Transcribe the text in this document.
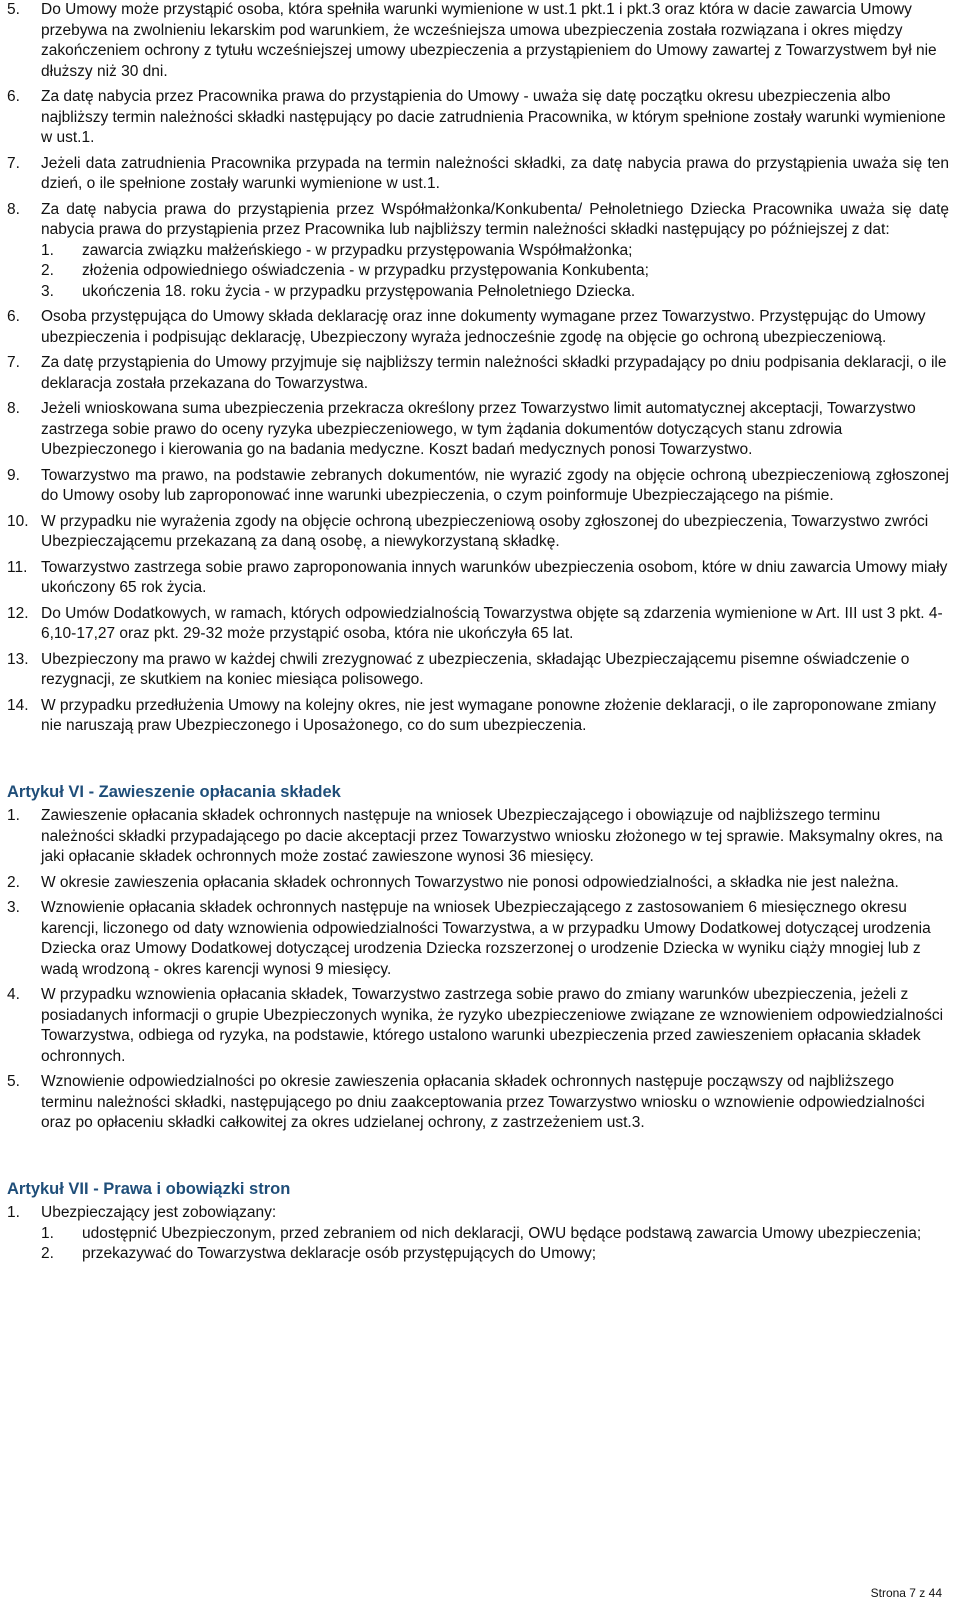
5.	Do Umowy może przystąpić osoba, która spełniła warunki wymienione w ust.1 pkt.1 i pkt.3 oraz która w dacie zawarcia Umowy przebywa na zwolnieniu lekarskim pod warunkiem, że wcześniejsza umowa ubezpieczenia została rozwiązana i okres między zakończeniem ochrony z tytułu wcześniejszej umowy ubezpieczenia a przystąpieniem do Umowy zawartej z Towarzystwem był nie dłuższy niż 30 dni.
6.	Za datę nabycia przez Pracownika prawa do przystąpienia do Umowy - uważa się datę początku okresu ubezpieczenia albo najbliższy termin należności składki następujący po dacie zatrudnienia Pracownika, w którym spełnione zostały warunki wymienione w ust.1.
7.	Jeżeli data zatrudnienia Pracownika przypada na termin należności składki, za datę nabycia prawa do przystąpienia uważa się ten dzień, o ile spełnione zostały warunki wymienione w ust.1.
8.	Za datę nabycia prawa do przystąpienia przez Współmałżonka/Konkubenta/ Pełnoletniego Dziecka Pracownika uważa się datę nabycia prawa do przystąpienia przez Pracownika lub najbliższy termin należności składki następujący po późniejszej z dat:
1.	zawarcia związku małżeńskiego - w przypadku przystępowania Współmałżonka;
2.	złożenia odpowiedniego oświadczenia - w przypadku przystępowania Konkubenta;
3.	ukończenia 18. roku życia - w przypadku przystępowania Pełnoletniego Dziecka.
6.	Osoba przystępująca do Umowy składa deklarację oraz inne dokumenty wymagane przez Towarzystwo. Przystępując do Umowy ubezpieczenia i podpisując deklarację, Ubezpieczony wyraża jednocześnie zgodę na objęcie go ochroną ubezpieczeniową.
7.	Za datę przystąpienia do Umowy przyjmuje się najbliższy termin należności składki przypadający po dniu podpisania deklaracji, o ile deklaracja została przekazana do Towarzystwa.
8.	Jeżeli wnioskowana suma ubezpieczenia przekracza określony przez Towarzystwo limit automatycznej akceptacji, Towarzystwo zastrzega sobie prawo do oceny ryzyka ubezpieczeniowego, w tym żądania dokumentów dotyczących stanu zdrowia Ubezpieczonego i kierowania go na badania medyczne. Koszt badań medycznych ponosi Towarzystwo.
9.	Towarzystwo ma prawo, na podstawie zebranych dokumentów, nie wyrazić zgody na objęcie ochroną ubezpieczeniową zgłoszonej do Umowy osoby lub zaproponować inne warunki ubezpieczenia, o czym poinformuje Ubezpieczającego na piśmie.
10. W przypadku nie wyrażenia zgody na objęcie ochroną ubezpieczeniową osoby zgłoszonej do ubezpieczenia, Towarzystwo zwróci Ubezpieczającemu przekazaną za daną osobę, a niewykorzystaną składkę.
11. Towarzystwo zastrzega sobie prawo zaproponowania innych warunków ubezpieczenia osobom, które w dniu zawarcia Umowy miały ukończony 65 rok życia.
12. Do Umów Dodatkowych, w ramach, których odpowiedzialnością Towarzystwa objęte są zdarzenia wymienione w Art. III ust 3 pkt. 4-6,10-17,27 oraz pkt. 29-32 może przystąpić osoba, która nie ukończyła 65 lat.
13. Ubezpieczony ma prawo w każdej chwili zrezygnować z ubezpieczenia, składając Ubezpieczającemu pisemne oświadczenie o rezygnacji, ze skutkiem na koniec miesiąca polisowego.
14. W przypadku przedłużenia Umowy na kolejny okres, nie jest wymagane ponowne złożenie deklaracji, o ile zaproponowane zmiany nie naruszają praw Ubezpieczonego i Uposażonego, co do sum ubezpieczenia.
Artykuł VI - Zawieszenie opłacania składek
1.	Zawieszenie opłacania składek ochronnych następuje na wniosek Ubezpieczającego i obowiązuje od najbliższego terminu należności składki przypadającego po dacie akceptacji przez Towarzystwo wniosku złożonego w tej sprawie. Maksymalny okres, na jaki opłacanie składek ochronnych może zostać zawieszone wynosi 36 miesięcy.
2.	W okresie zawieszenia opłacania składek ochronnych Towarzystwo nie ponosi odpowiedzialności, a składka nie jest należna.
3.	Wznowienie opłacania składek ochronnych następuje na wniosek Ubezpieczającego z zastosowaniem 6 miesięcznego okresu karencji, liczonego od daty wznowienia odpowiedzialności Towarzystwa, a w przypadku Umowy Dodatkowej dotyczącej urodzenia Dziecka oraz Umowy Dodatkowej dotyczącej urodzenia Dziecka rozszerzonej o urodzenie Dziecka w wyniku ciąży mnogiej lub z wadą wrodzoną - okres karencji wynosi 9 miesięcy.
4.	W przypadku wznowienia opłacania składek, Towarzystwo zastrzega sobie prawo do zmiany warunków ubezpieczenia, jeżeli z posiadanych informacji o grupie Ubezpieczonych wynika, że ryzyko ubezpieczeniowe związane ze wznowieniem odpowiedzialności Towarzystwa, odbiega od ryzyka, na podstawie, którego ustalono warunki ubezpieczenia przed zawieszeniem opłacania składek ochronnych.
5.	Wznowienie odpowiedzialności po okresie zawieszenia opłacania składek ochronnych następuje począwszy od najbliższego terminu należności składki, następującego po dniu zaakceptowania przez Towarzystwo wniosku o wznowienie odpowiedzialności oraz po opłaceniu składki całkowitej za okres udzielanej ochrony, z zastrzeżeniem ust.3.
Artykuł VII - Prawa i obowiązki stron
1.	Ubezpieczający jest zobowiązany:
1.	udostępnić Ubezpieczonym, przed zebraniem od nich deklaracji, OWU będące podstawą zawarcia Umowy ubezpieczenia;
2.	przekazywać do Towarzystwa deklaracje osób przystępujących do Umowy;
Strona 7 z 44
